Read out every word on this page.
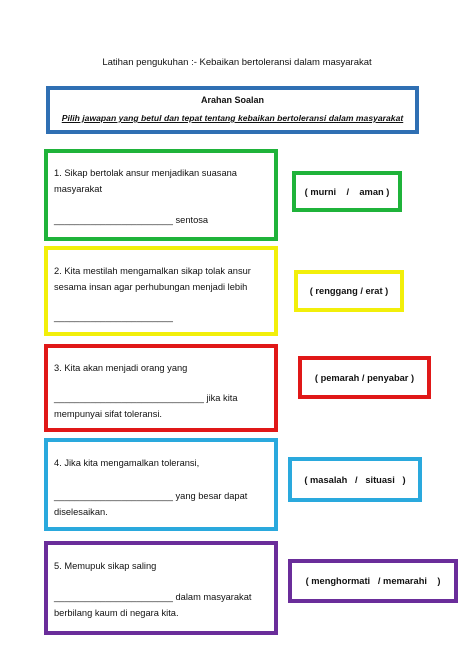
Latihan pengukuhan :- Kebaikan bertoleransi dalam masyarakat
Arahan Soalan
Pilih jawapan yang betul dan tepat tentang kebaikan bertoleransi dalam masyarakat
1. Sikap bertolak ansur menjadikan suasana
masyarakat
_______________________ sentosa
( murni    /    aman )
2. Kita mestilah mengamalkan sikap tolak ansur
sesama insan agar perhubungan menjadi lebih
_______________________
( renggang / erat )
3. Kita akan menjadi orang yang
_____________________________ jika kita
mempunyai sifat toleransi.
( pemarah / penyabar )
4. Jika kita mengamalkan toleransi,
_______________________ yang besar dapat
diselesaikan.
( masalah   /   situasi   )
5. Memupuk sikap saling
_______________________ dalam masyarakat
berbilang kaum di negara kita.
( menghormati   / memarahi    )
